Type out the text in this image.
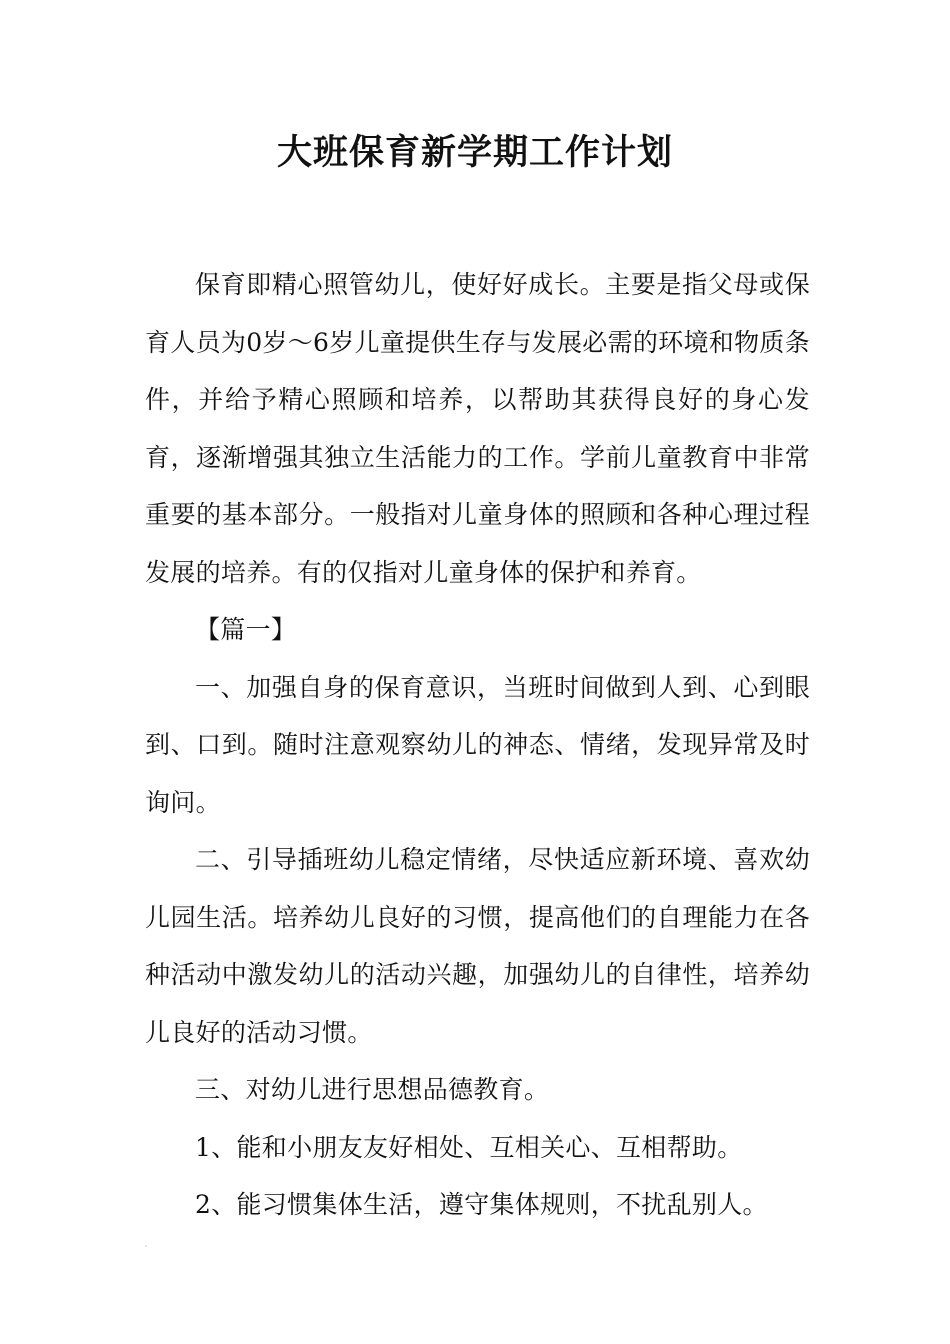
大班保育新学期工作计划

保育即精心照管幼儿，使好好成长。主要是指父母或保育人员为0岁～6岁儿童提供生存与发展必需的环境和物质条件，并给予精心照顾和培养，以帮助其获得良好的身心发育，逐渐增强其独立生活能力的工作。学前儿童教育中非常重要的基本部分。一般指对儿童身体的照顾和各种心理过程发展的培养。有的仅指对儿童身体的保护和养育。

【篇一】

一、加强自身的保育意识，当班时间做到人到、心到眼到、口到。随时注意观察幼儿的神态、情绪，发现异常及时询问。

二、引导插班幼儿稳定情绪，尽快适应新环境、喜欢幼儿园生活。培养幼儿良好的习惯，提高他们的自理能力在各种活动中激发幼儿的活动兴趣，加强幼儿的自律性，培养幼儿良好的活动习惯。

三、对幼儿进行思想品德教育。

1、能和小朋友友好相处、互相关心、互相帮助。

2、能习惯集体生活，遵守集体规则，不扰乱别人。
